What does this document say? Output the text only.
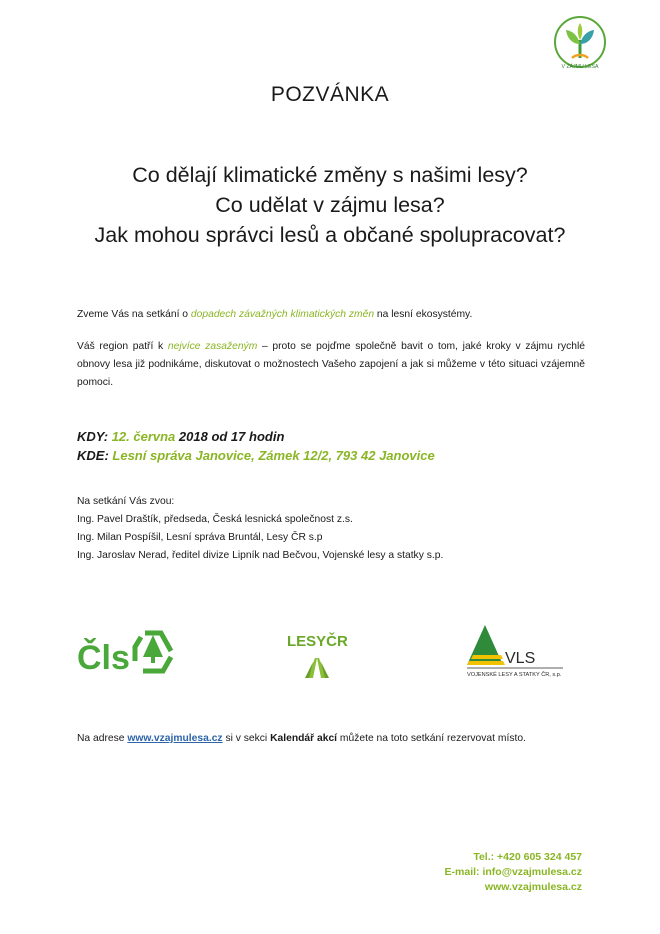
V ZÁJMU LESA
POZVÁNKA
Co dělají klimatické změny s našimi lesy?
Co udělat v zájmu lesa?
Jak mohou správci lesů a občané spolupracovat?
Zveme Vás na setkání o dopadech závažných klimatických změn na lesní ekosystémy.
Váš region patří k nejvíce zasaženým – proto se pojďme společně bavit o tom, jaké kroky v zájmu rychlé obnovy lesa již podnikáme, diskutovat o možnostech Vašeho zapojení a jak si můžeme v této situaci vzájemně pomoci.
KDY: 12. června 2018 od 17 hodin
KDE: Lesní správa Janovice, Zámek 12/2, 793 42 Janovice
Na setkání Vás zvou:
Ing. Pavel Draštík, předseda, Česká lesnická společnost z.s.
Ing. Milan Pospíšil, Lesní správa Bruntál, Lesy ČR s.p
Ing. Jaroslav Nerad, ředitel divize Lipník nad Bečvou, Vojenské lesy a statky s.p.
Čls	LESYČR
VLS
VOJENSKÉ LESY A STATKY ČR, s.p.
Na adrese www.vzajmulesa.cz si v sekci Kalendář akcí můžete na toto setkání rezervovat místo.
Tel.: +420 605 324 457
E-mail: info@vzajmulesa.cz
www.vzajmulesa.cz
